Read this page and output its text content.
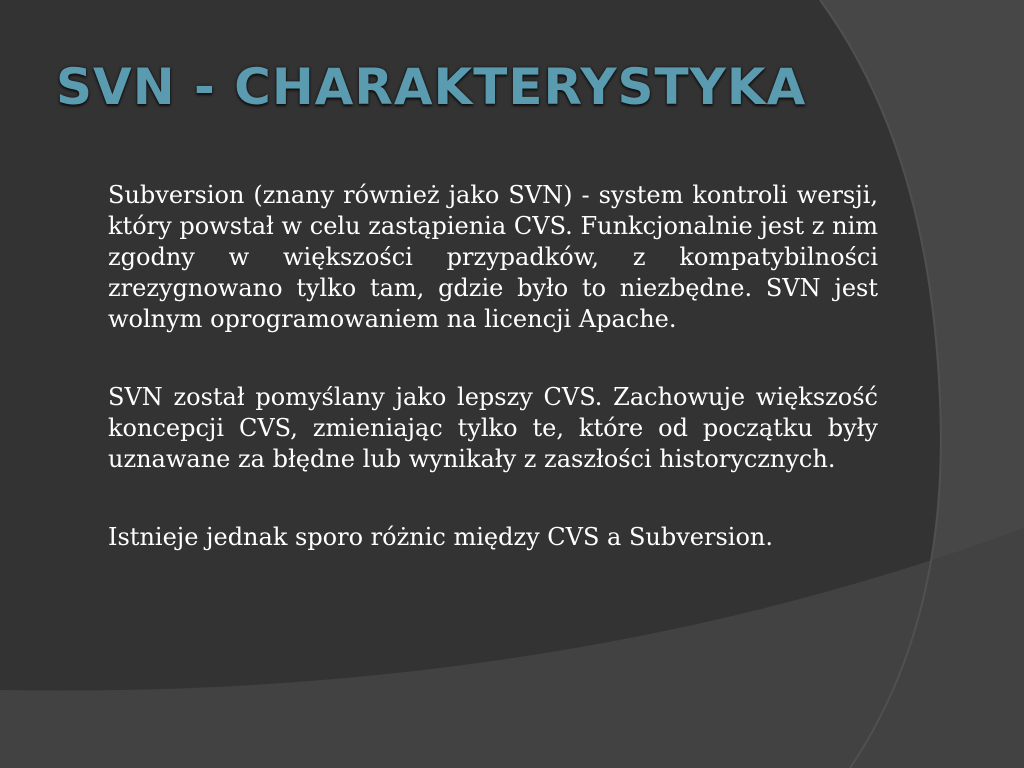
SVN - CHARAKTERYSTYKA

Subversion (znany również jako SVN) - system kontroli wersji, który powstał w celu zastąpienia CVS. Funkcjonalnie jest z nim zgodny w większości przypadków, z kompatybilności zrezygnowano tylko tam, gdzie było to niezbędne. SVN jest wolnym oprogramowaniem na licencji Apache.

SVN został pomyślany jako lepszy CVS. Zachowuje większość koncepcji CVS, zmieniając tylko te, które od początku były uznawane za błędne lub wynikały z zaszłości historycznych.

Istnieje jednak sporo różnic między CVS a Subversion.
